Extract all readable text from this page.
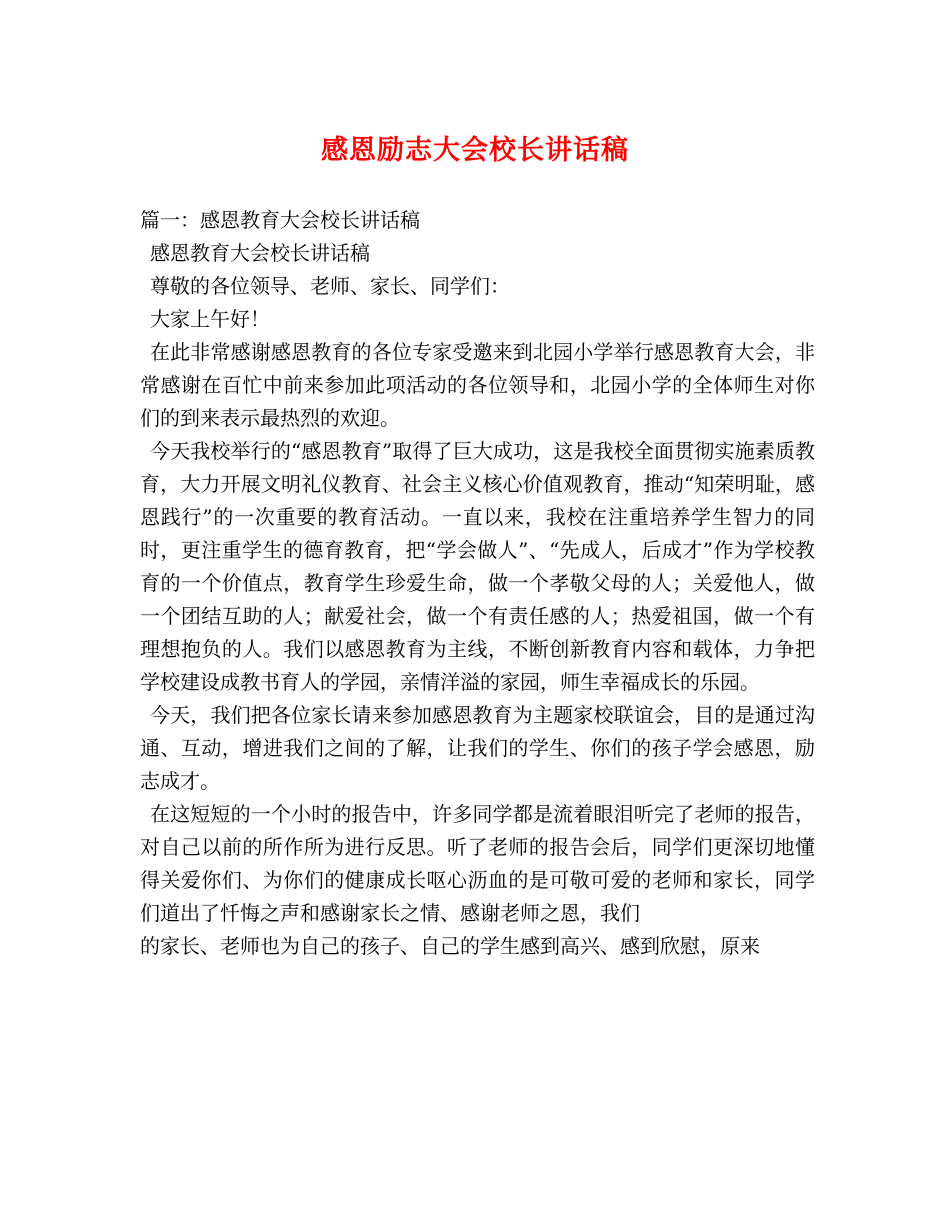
感恩励志大会校长讲话稿

篇一：感恩教育大会校长讲话稿

感恩教育大会校长讲话稿

尊敬的各位领导、老师、家长、同学们：

大家上午好！

在此非常感谢感恩教育的各位专家受邀来到北园小学举行感恩教育大会，非常感谢在百忙中前来参加此项活动的各位领导和，北园小学的全体师生对你们的到来表示最热烈的欢迎。

今天我校举行的“感恩教育”取得了巨大成功，这是我校全面贯彻实施素质教育，大力开展文明礼仪教育、社会主义核心价值观教育，推动“知荣明耻，感恩践行”的一次重要的教育活动。一直以来，我校在注重培养学生智力的同时，更注重学生的德育教育，把“学会做人”、“先成人，后成才”作为学校教育的一个价值点，教育学生珍爱生命，做一个孝敬父母的人；关爱他人，做一个团结互助的人；献爱社会，做一个有责任感的人；热爱祖国，做一个有理想抱负的人。我们以感恩教育为主线，不断创新教育内容和载体，力争把学校建设成教书育人的学园，亲情洋溢的家园，师生幸福成长的乐园。

今天，我们把各位家长请来参加感恩教育为主题家校联谊会，目的是通过沟通、互动，增进我们之间的了解，让我们的学生、你们的孩子学会感恩，励志成才。

在这短短的一个小时的报告中，许多同学都是流着眼泪听完了老师的报告，对自己以前的所作所为进行反思。听了老师的报告会后，同学们更深切地懂得关爱你们、为你们的健康成长呕心沥血的是可敬可爱的老师和家长，同学们道出了忏悔之声和感谢家长之情、感谢老师之恩，我们

的家长、老师也为自己的孩子、自己的学生感到高兴、感到欣慰，原来
